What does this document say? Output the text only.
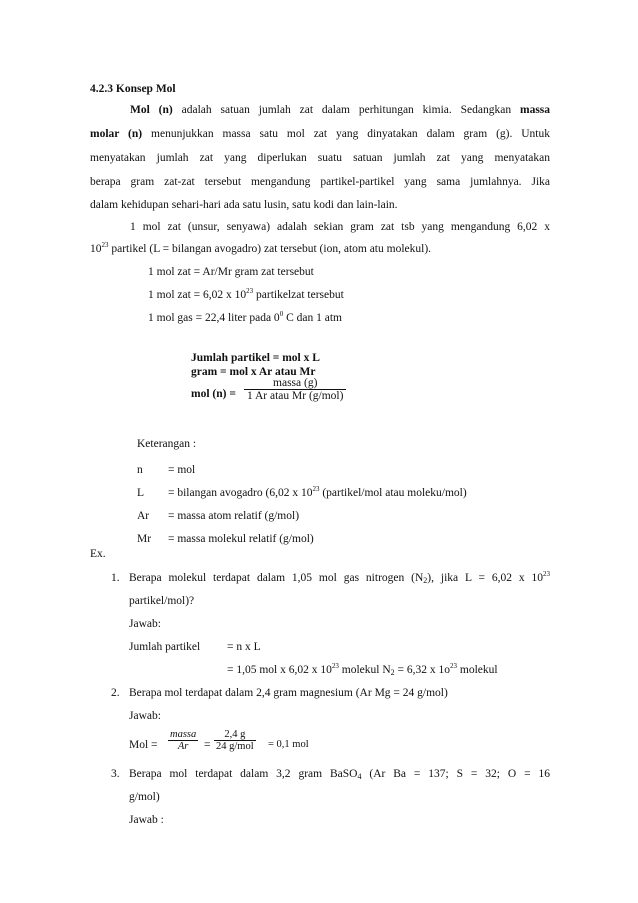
4.2.3 Konsep Mol
Mol (n) adalah satuan jumlah zat dalam perhitungan kimia. Sedangkan massa
molar (n) menunjukkan massa satu mol zat yang dinyatakan dalam gram (g). Untuk
menyatakan jumlah zat yang diperlukan suatu satuan jumlah zat yang menyatakan
berapa gram zat-zat tersebut mengandung partikel-partikel yang sama jumlahnya. Jika
dalam kehidupan sehari-hari ada satu lusin, satu kodi dan lain-lain.
1 mol zat (unsur, senyawa) adalah sekian gram zat tsb yang mengandung 6,02 x
$10^{23}$ partikel (L = bilangan avogadro) zat tersebut (ion, atom atu molekul).
1 mol zat = Ar/Mr gram zat tersebut
1 mol zat = 6,02 x $10^{23}$ partikelzat tersebut
1 mol gas = 22,4 liter pada $0^0$ C dan 1 atm
Jumlah partikel = mol x L
gram = mol x Ar atau Mr
mol (n) =
massa (g)
1 Ar atau Mr (g/mol)
Keterangan :
n = mol
L = bilangan avogadro (6,02 x $10^{23}$ (partikel/mol atau moleku/mol)
Ar = massa atom relatif (g/mol)
Mr = massa molekul relatif (g/mol)
Ex.
1. Berapa molekul terdapat dalam 1,05 mol gas nitrogen $(N_2)$, jika L = 6,02 x $10^{23}$
partikel/mol)?
Jawab:
Jumlah partikel = n x L
= 1,05 mol x 6,02 x $10^{23}$ molekul $N_2 = 6,32$ x $1o^{23}$ molekul
2. Berapa mol terdapat dalam 2,4 gram magnesium (Ar Mg = 24 g/mol)
Jawab:
Mol =
massa
Ar	=
2,4 g
24 g/mol = 0,1 mol
3. Berapa mol terdapat dalam 3,2 gram BaSO$_4$ (Ar Ba = 137; S = 32; O = 16
g/mol)
Jawab :
